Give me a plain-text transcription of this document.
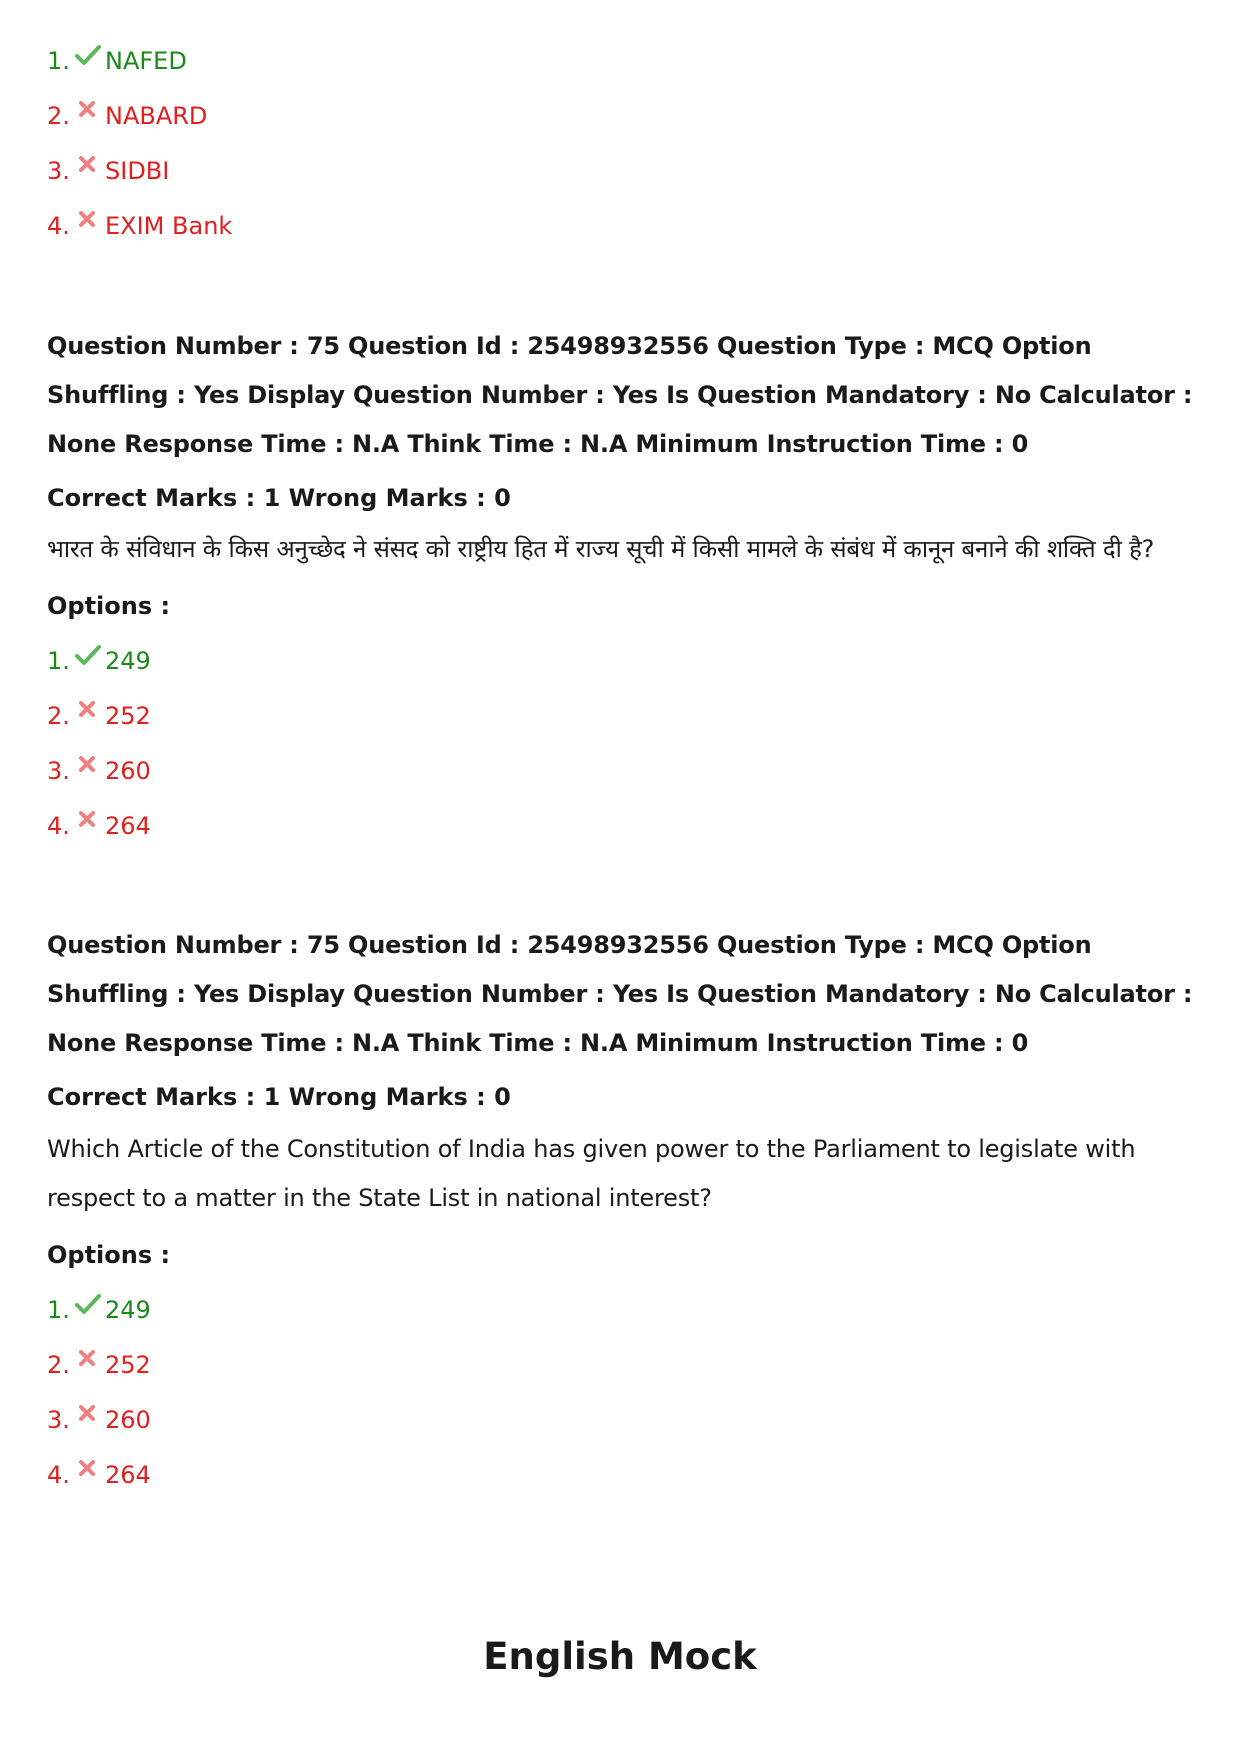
1. NAFED
2. NABARD
3. SIDBI
4. EXIM Bank
Question Number : 75 Question Id : 25498932556 Question Type : MCQ Option Shuffling : Yes Display Question Number : Yes Is Question Mandatory : No Calculator : None Response Time : N.A Think Time : N.A Minimum Instruction Time : 0
Correct Marks : 1 Wrong Marks : 0
भारत के संविधान के किस अनुच्छेद ने संसद को राष्ट्रीय हित में राज्य सूची में किसी मामले के संबंध में कानून बनाने की शक्ति दी है?
Options :
1. 249
2. 252
3. 260
4. 264
Question Number : 75 Question Id : 25498932556 Question Type : MCQ Option Shuffling : Yes Display Question Number : Yes Is Question Mandatory : No Calculator : None Response Time : N.A Think Time : N.A Minimum Instruction Time : 0
Correct Marks : 1 Wrong Marks : 0
Which Article of the Constitution of India has given power to the Parliament to legislate with respect to a matter in the State List in national interest?
Options :
1. 249
2. 252
3. 260
4. 264
English Mock
